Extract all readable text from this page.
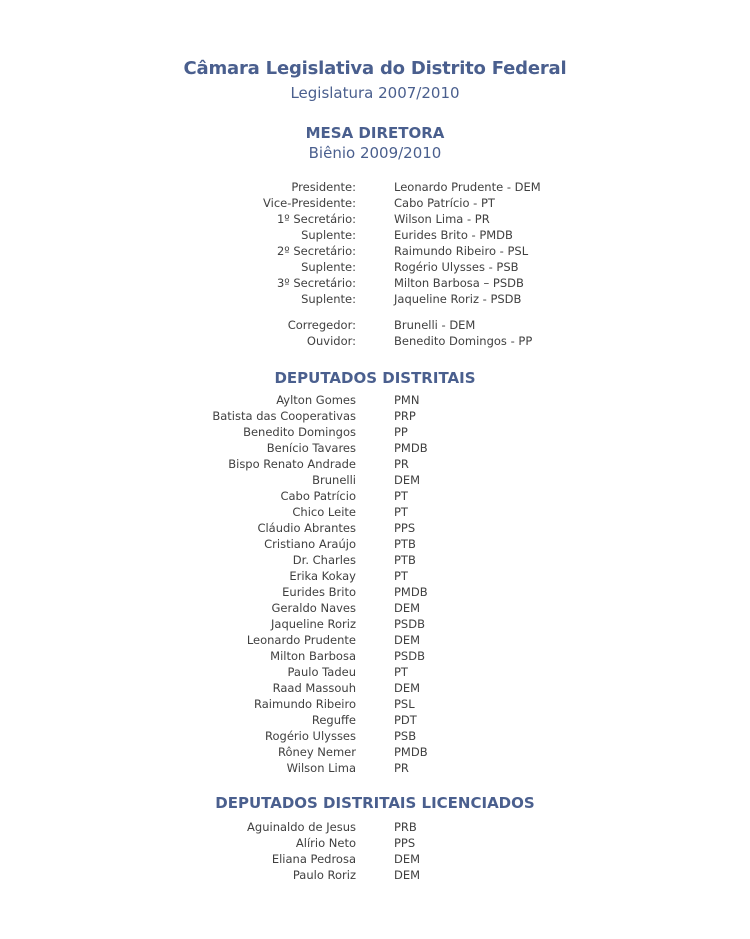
Câmara Legislativa do Distrito Federal
Legislatura 2007/2010
MESA DIRETORA
Biênio 2009/2010
Presidente:	Leonardo Prudente - DEM
Vice-Presidente:	Cabo Patrício - PT
1º Secretário:	Wilson Lima - PR
Suplente:	Eurides Brito - PMDB
2º Secretário:	Raimundo Ribeiro - PSL
Suplente:	Rogério Ulysses - PSB
3º Secretário:	Milton Barbosa – PSDB
Suplente:	Jaqueline Roriz - PSDB
Corregedor:	Brunelli - DEM
Ouvidor:	Benedito Domingos - PP
DEPUTADOS DISTRITAIS
Aylton Gomes	PMN
Batista das Cooperativas	PRP
Benedito Domingos	PP
Benício Tavares	PMDB
Bispo Renato Andrade	PR
Brunelli	DEM
Cabo Patrício	PT
Chico Leite	PT
Cláudio Abrantes	PPS
Cristiano Araújo	PTB
Dr. Charles	PTB
Erika Kokay	PT
Eurides Brito	PMDB
Geraldo Naves	DEM
Jaqueline Roriz	PSDB
Leonardo Prudente	DEM
Milton Barbosa	PSDB
Paulo Tadeu	PT
Raad Massouh	DEM
Raimundo Ribeiro	PSL
Reguffe	PDT
Rogério Ulysses	PSB
Rôney Nemer	PMDB
Wilson Lima	PR
DEPUTADOS DISTRITAIS LICENCIADOS
Aguinaldo de Jesus	PRB
Alírio Neto	PPS
Eliana Pedrosa	DEM
Paulo Roriz	DEM
